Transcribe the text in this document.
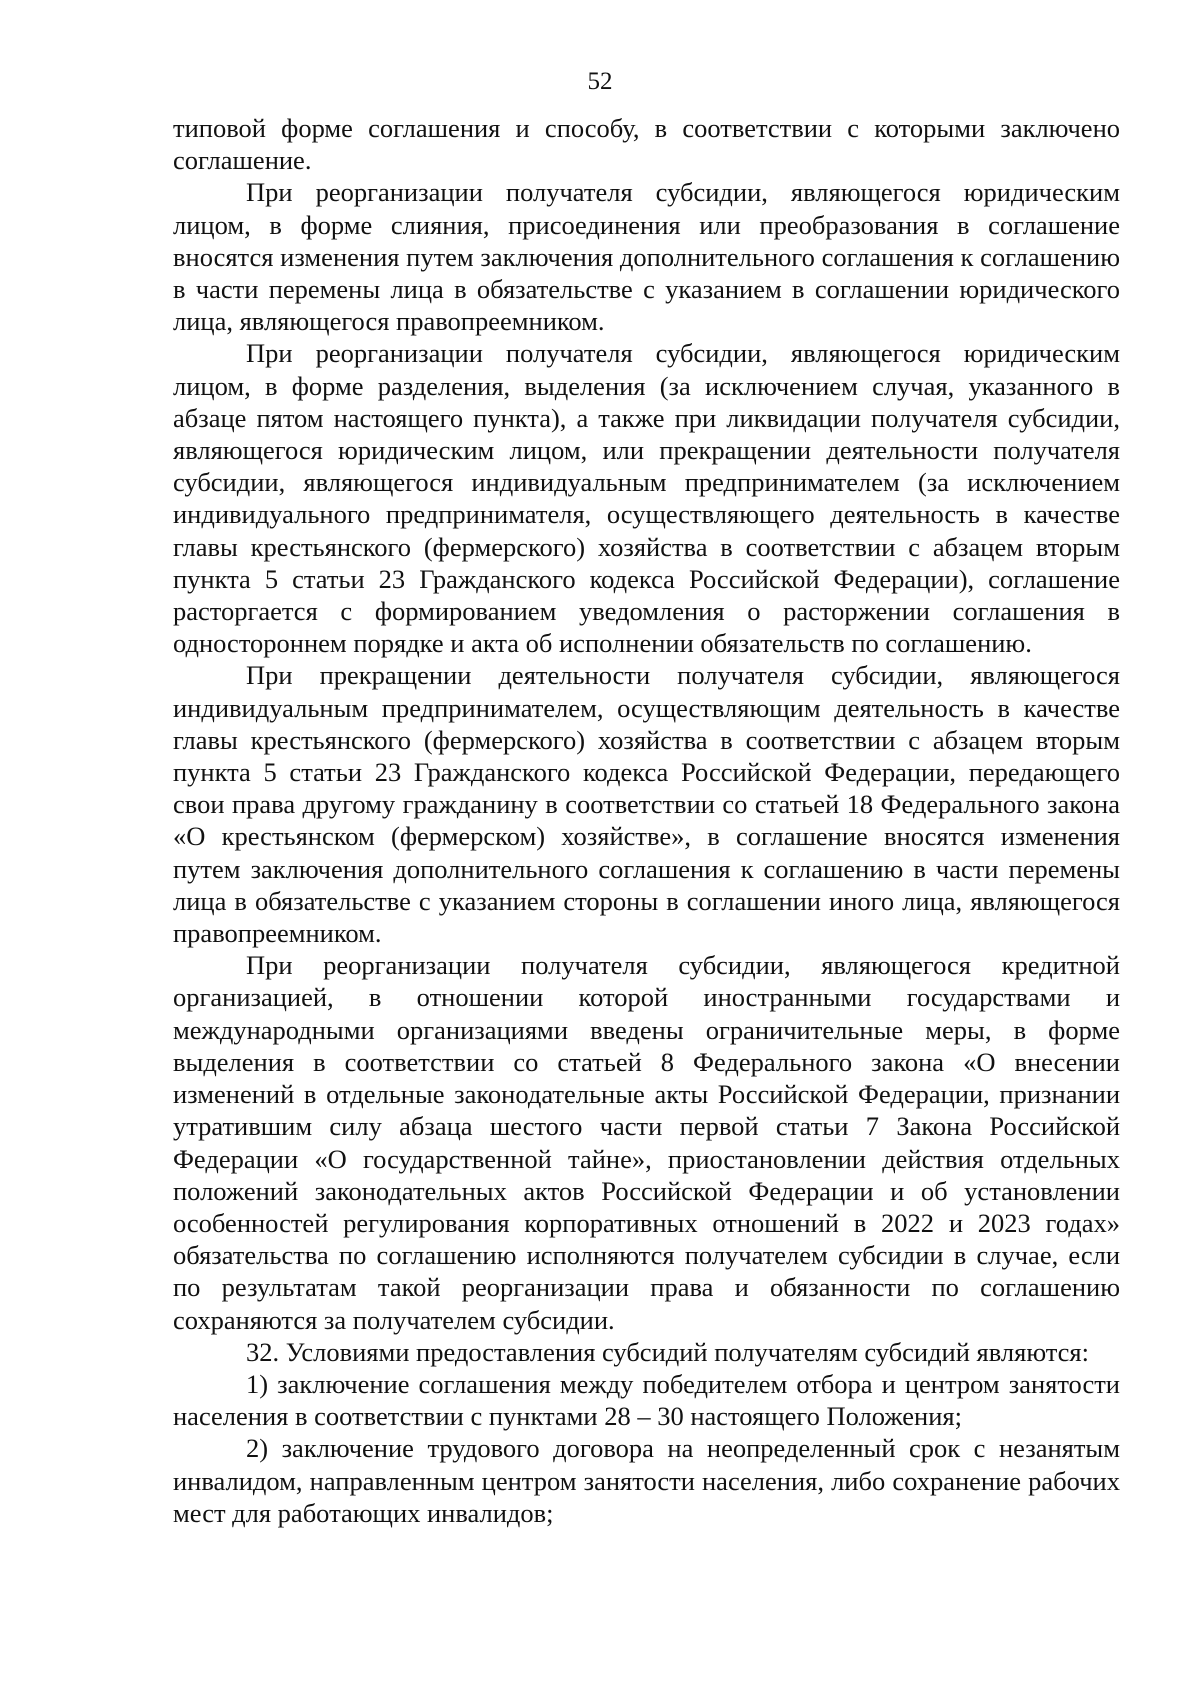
52

типовой форме соглашения и способу, в соответствии с которыми заключено соглашение.

При реорганизации получателя субсидии, являющегося юридическим лицом, в форме слияния, присоединения или преобразования в соглашение вносятся изменения путем заключения дополнительного соглашения к соглашению в части перемены лица в обязательстве с указанием в соглашении юридического лица, являющегося правопреемником.

При реорганизации получателя субсидии, являющегося юридическим лицом, в форме разделения, выделения (за исключением случая, указанного в абзаце пятом настоящего пункта), а также при ликвидации получателя субсидии, являющегося юридическим лицом, или прекращении деятельности получателя субсидии, являющегося индивидуальным предпринимателем (за исключением индивидуального предпринимателя, осуществляющего деятельность в качестве главы крестьянского (фермерского) хозяйства в соответствии с абзацем вторым пункта 5 статьи 23 Гражданского кодекса Российской Федерации), соглашение расторгается с формированием уведомления о расторжении соглашения в одностороннем порядке и акта об исполнении обязательств по соглашению.

При прекращении деятельности получателя субсидии, являющегося индивидуальным предпринимателем, осуществляющим деятельность в качестве главы крестьянского (фермерского) хозяйства в соответствии с абзацем вторым пункта 5 статьи 23 Гражданского кодекса Российской Федерации, передающего свои права другому гражданину в соответствии со статьей 18 Федерального закона «О крестьянском (фермерском) хозяйстве», в соглашение вносятся изменения путем заключения дополнительного соглашения к соглашению в части перемены лица в обязательстве с указанием стороны в соглашении иного лица, являющегося правопреемником.

При реорганизации получателя субсидии, являющегося кредитной организацией, в отношении которой иностранными государствами и международными организациями введены ограничительные меры, в форме выделения в соответствии со статьей 8 Федерального закона «О внесении изменений в отдельные законодательные акты Российской Федерации, признании утратившим силу абзаца шестого части первой статьи 7 Закона Российской Федерации «О государственной тайне», приостановлении действия отдельных положений законодательных актов Российской Федерации и об установлении особенностей регулирования корпоративных отношений в 2022 и 2023 годах» обязательства по соглашению исполняются получателем субсидии в случае, если по результатам такой реорганизации права и обязанности по соглашению сохраняются за получателем субсидии.

32. Условиями предоставления субсидий получателям субсидий являются:

1) заключение соглашения между победителем отбора и центром занятости населения в соответствии с пунктами 28 – 30 настоящего Положения;

2) заключение трудового договора на неопределенный срок с незанятым инвалидом, направленным центром занятости населения, либо сохранение рабочих мест для работающих инвалидов;
